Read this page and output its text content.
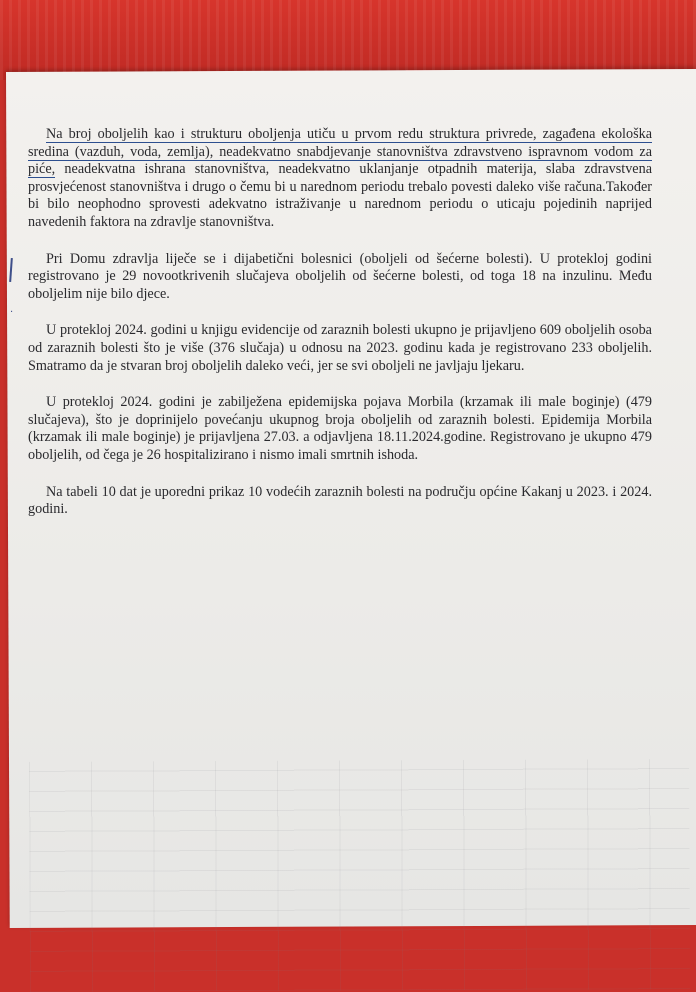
·

Na broj oboljelih kao i strukturu oboljenja utiču u prvom redu struktura privrede, zagađena ekološka sredina (vazduh, voda, zemlja), neadekvatno snabdjevanje stanovništva zdravstveno ispravnom vodom za piće, neadekvatna ishrana stanovništva, neadekvatno uklanjanje otpadnih materija, slaba zdravstvena prosvjećenost stanovništva i drugo o čemu bi u narednom periodu trebalo povesti daleko više računa.Također bi bilo neophodno sprovesti adekvatno istraživanje u narednom periodu o uticaju pojedinih naprijed navedenih faktora na zdravlje stanovništva.

Pri Domu zdravlja liječe se i dijabetični bolesnici (oboljeli od šećerne bolesti). U protekloj godini registrovano je 29 novootkrivenih slučajeva oboljelih od šećerne bolesti, od toga 18 na inzulinu. Među oboljelim nije bilo djece.

U protekloj 2024. godini u knjigu evidencije od zaraznih bolesti ukupno je prijavljeno 609 oboljelih osoba od zaraznih bolesti što je više (376 slučaja) u odnosu na 2023. godinu kada je registrovano 233 oboljelih. Smatramo da je stvaran broj oboljelih daleko veći, jer se svi oboljeli ne javljaju ljekaru.

U protekloj 2024. godini je zabilježena epidemijska pojava Morbila (krzamak ili male boginje) (479 slučajeva), što je doprinijelo povećanju ukupnog broja oboljelih od zaraznih bolesti. Epidemija Morbila (krzamak ili male boginje) je prijavljena 27.03. a odjavljena 18.11.2024.godine. Registrovano je ukupno 479 oboljelih, od čega je 26 hospitalizirano i nismo imali smrtnih ishoda.

Na tabeli 10 dat je uporedni prikaz 10 vodećih zaraznih bolesti na području općine Kakanj u 2023. i 2024. godini.
